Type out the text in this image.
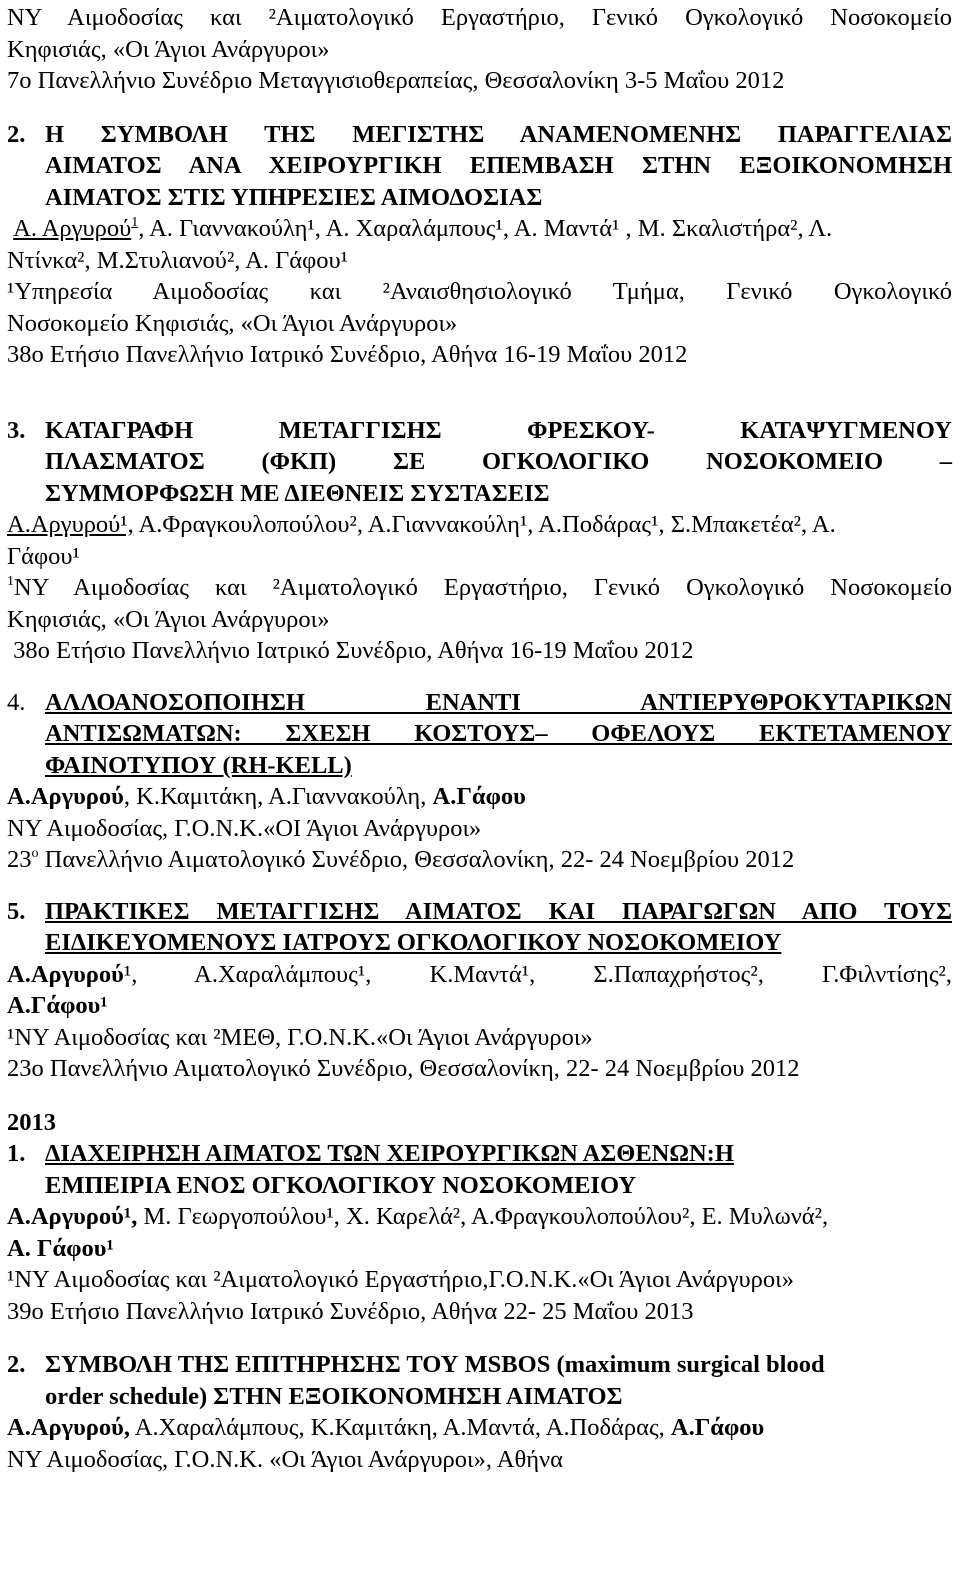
ΝΥ Αιμοδοσίας και ²Αιματολογικό Εργαστήριο, Γενικό Ογκολογικό Νοσοκομείο
Κηφισιάς, «Οι Άγιοι Ανάργυροι»
7ο Πανελλήνιο Συνέδριο Μεταγγισιοθεραπείας, Θεσσαλονίκη 3-5 Μαΐου 2012
2. Η ΣΥΜΒΟΛΗ ΤΗΣ ΜΕΓΙΣΤΗΣ ΑΝΑΜΕΝΟΜΕΝΗΣ ΠΑΡΑΓΓΕΛΙΑΣ
ΑΙΜΑΤΟΣ ΑΝΑ ΧΕΙΡΟΥΡΓΙΚΗ ΕΠΕΜΒΑΣΗ ΣΤΗΝ ΕΞΟΙΚΟΝΟΜΗΣΗ
ΑΙΜΑΤΟΣ ΣΤΙΣ ΥΠΗΡΕΣΙΕΣ ΑΙΜΟΔΟΣΙΑΣ
Α. Αργυρού$^1$, Α. Γιαννακούλη¹, Α. Χαραλάμπους¹, Α. Μαντά¹ , Μ. Σκαλιστήρα², Λ.
Ντίνκα², Μ.Στυλιανού², Α. Γάφου¹
¹Υπηρεσία Αιμοδοσίας και ²Αναισθησιολογικό Τμήμα, Γενικό Ογκολογικό
Νοσοκομείο Κηφισιάς, «Οι Άγιοι Ανάργυροι»
38ο Ετήσιο Πανελλήνιο Ιατρικό Συνέδριο, Αθήνα 16-19 Μαΐου 2012
3. ΚΑΤΑΓΡΑΦΗ ΜΕΤΑΓΓΙΣΗΣ ΦΡΕΣΚΟΥ- ΚΑΤΑΨΥΓΜΕΝΟΥ
ΠΛΑΣΜΑΤΟΣ (ΦΚΠ) ΣΕ ΟΓΚΟΛΟΓΙΚΟ ΝΟΣΟΚΟΜΕΙΟ –
ΣΥΜΜΟΡΦΩΣΗ ΜΕ ΔΙΕΘΝΕΙΣ ΣΥΣΤΑΣΕΙΣ
Α.Αργυρού¹, Α.Φραγκουλοπούλου², Α.Γιαννακούλη¹, Α.Ποδάρας¹, Σ.Μπακετέα², Α.
Γάφου¹
$^1$ΝΥ Αιμοδοσίας και ²Αιματολογικό Εργαστήριο, Γενικό Ογκολογικό Νοσοκομείο
Κηφισιάς, «Οι Άγιοι Ανάργυροι»
38ο Ετήσιο Πανελλήνιο Ιατρικό Συνέδριο, Αθήνα 16-19 Μαΐου 2012
4. ΑΛΛΟΑΝΟΣΟΠΟΙΗΣΗ ΕΝΑΝΤΙ ΑΝΤΙΕΡΥΘΡΟΚΥΤΑΡΙΚΩΝ
ΑΝΤΙΣΩΜΑΤΩΝ: ΣΧΕΣΗ ΚΟΣΤΟΥΣ– ΟΦΕΛΟΥΣ ΕΚΤΕΤΑΜΕΝΟΥ
ΦΑΙΝΟΤΥΠΟΥ (RH-KELL)
Α.Αργυρού, Κ.Καμιτάκη, Α.Γιαννακούλη, Α.Γάφου
ΝΥ Αιμοδοσίας, Γ.Ο.Ν.Κ.«ΟΙ Άγιοι Ανάργυροι»
$23^o$ Πανελλήνιο Αιματολογικό Συνέδριο, Θεσσαλονίκη, 22- 24 Νοεμβρίου 2012
5. ΠΡΑΚΤΙΚΕΣ ΜΕΤΑΓΓΙΣΗΣ ΑΙΜΑΤΟΣ ΚΑΙ ΠΑΡΑΓΩΓΩΝ ΑΠΟ ΤΟΥΣ
ΕΙΔΙΚΕΥΟΜΕΝΟΥΣ ΙΑΤΡΟΥΣ ΟΓΚΟΛΟΓΙΚΟΥ ΝΟΣΟΚΟΜΕΙΟΥ
Α.Αργυρού¹, Α.Χαραλάμπους¹, Κ.Μαντά¹, Σ.Παπαχρήστος², Γ.Φιλντίσης²,
Α.Γάφου¹
¹ΝΥ Αιμοδοσίας και ²ΜΕΘ, Γ.Ο.Ν.Κ.«Οι Άγιοι Ανάργυροι»
23ο Πανελλήνιο Αιματολογικό Συνέδριο, Θεσσαλονίκη, 22- 24 Νοεμβρίου 2012
2013
1. ΔΙΑΧΕΙΡΗΣΗ ΑΙΜΑΤΟΣ ΤΩΝ ΧΕΙΡΟΥΡΓΙΚΩΝ ΑΣΘΕΝΩΝ:Η
ΕΜΠΕΙΡΙΑ ΕΝΟΣ ΟΓΚΟΛΟΓΙΚΟΥ ΝΟΣΟΚΟΜΕΙΟΥ
Α.Αργυρού¹, Μ. Γεωργοπούλου¹, Χ. Καρελά², Α.Φραγκουλοπούλου², Ε. Μυλωνά²,
Α. Γάφου¹
¹ΝΥ Αιμοδοσίας και ²Αιματολογικό Εργαστήριο,Γ.Ο.Ν.Κ.«Οι Άγιοι Ανάργυροι»
39ο Ετήσιο Πανελλήνιο Ιατρικό Συνέδριο, Αθήνα 22- 25 Μαΐου 2013
2. ΣΥΜΒΟΛΗ ΤΗΣ ΕΠΙΤΗΡΗΣΗΣ ΤΟΥ MSBOS (maximum surgical blood
order schedule) ΣΤΗΝ ΕΞΟΙΚΟΝΟΜΗΣΗ ΑΙΜΑΤΟΣ
Α.Αργυρού, Α.Χαραλάμπους, Κ.Καμιτάκη, Α.Μαντά, Α.Ποδάρας, Α.Γάφου
ΝΥ Αιμοδοσίας, Γ.Ο.Ν.Κ. «Οι Άγιοι Ανάργυροι», Αθήνα
